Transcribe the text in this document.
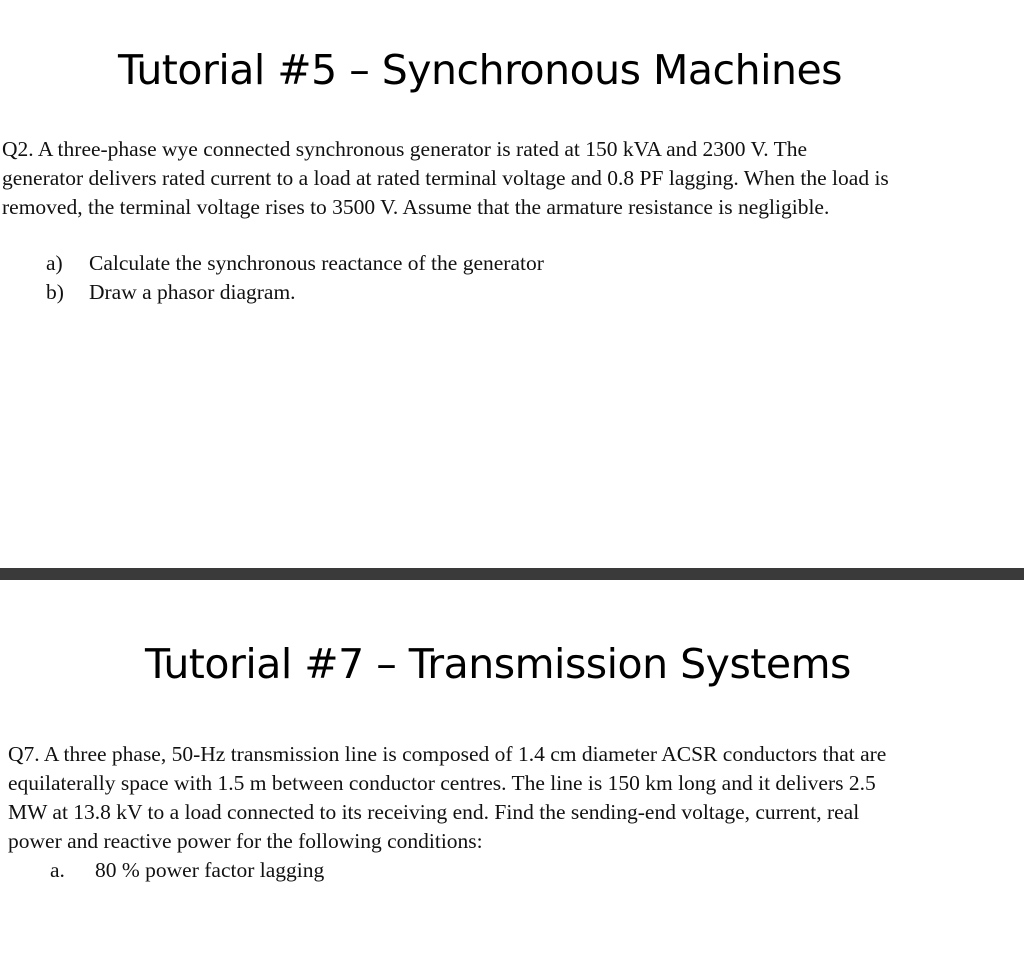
Tutorial #5 – Synchronous Machines

Q2. A three-phase wye connected synchronous generator is rated at 150 kVA and 2300 V. The
generator delivers rated current to a load at rated terminal voltage and 0.8 PF lagging. When the load is
removed, the terminal voltage rises to 3500 V. Assume that the armature resistance is negligible.

a) Calculate the synchronous reactance of the generator
b) Draw a phasor diagram.
Tutorial #7 – Transmission Systems

Q7. A three phase, 50-Hz transmission line is composed of 1.4 cm diameter ACSR conductors that are
equilaterally space with 1.5 m between conductor centres. The line is 150 km long and it delivers 2.5
MW at 13.8 kV to a load connected to its receiving end. Find the sending-end voltage, current, real
power and reactive power for the following conditions:

a. 80 % power factor lagging
